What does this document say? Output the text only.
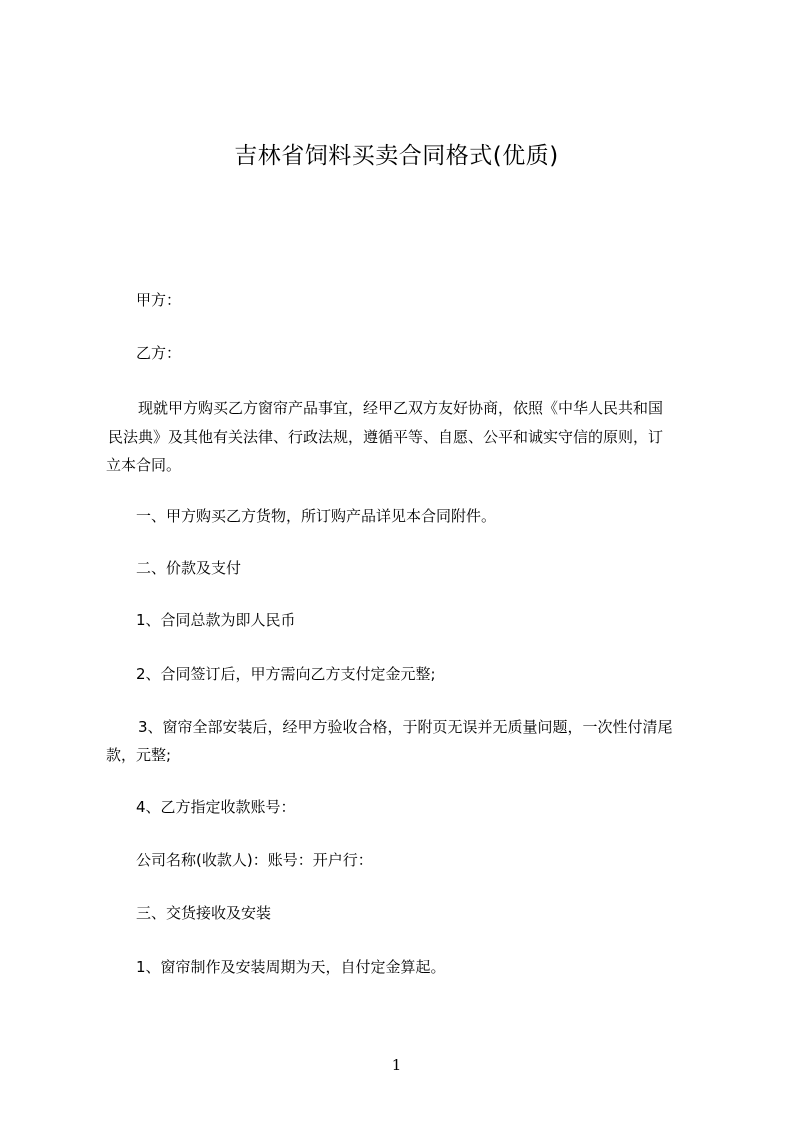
吉林省饲料买卖合同格式(优质)
甲方：
乙方：
现就甲方购买乙方窗帘产品事宜，经甲乙双方友好协商，依照《中华人民共和国
民法典》及其他有关法律、行政法规，遵循平等、自愿、公平和诚实守信的原则，订
立本合同。
一、甲方购买乙方货物，所订购产品详见本合同附件。
二、价款及支付
1、合同总款为即人民币
2、合同签订后，甲方需向乙方支付定金元整;
3、窗帘全部安装后，经甲方验收合格，于附页无误并无质量问题，一次性付清尾
款，元整;
4、乙方指定收款账号：
公司名称(收款人)：账号：开户行：
三、交货接收及安装
1、窗帘制作及安装周期为天，自付定金算起。
1
